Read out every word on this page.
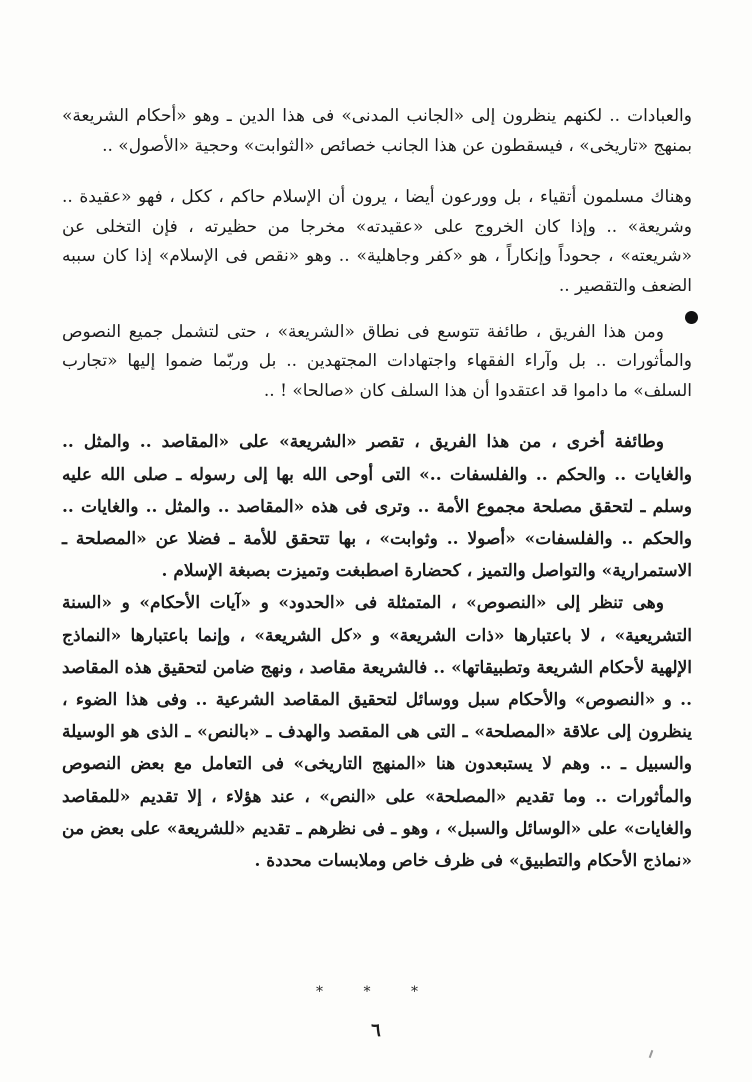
والعبادات .. لكنهم ينظرون إلى «الجانب المدنى» فى هذا الدين ـ وهو «أحكام الشريعة» بمنهج «تاريخى» ، فيسقطون عن هذا الجانب خصائص «الثوابت» وحجية «الأصول» ..

وهناك مسلمون أتقياء ، بل وورعون أيضا ، يرون أن الإسلام حاكم ، ككل ، فهو «عقيدة .. وشريعة» .. وإذا كان الخروج على «عقيدته» مخرجا من حظيرته ، فإن التخلى عن «شريعته» ، جحوداً وإنكاراً ، هو «كفر وجاهلية» .. وهو «نقص فى الإسلام» إذا كان سببه الضعف والتقصير ..

ومن هذا الفريق ، طائفة تتوسع فى نطاق «الشريعة» ، حتى لتشمل جميع النصوص والمأثورات .. بل وآراء الفقهاء واجتهادات المجتهدين .. بل وربّما ضموا إليها «تجارب السلف» ما داموا قد اعتقدوا أن هذا السلف كان «صالحا» ! ..

وطائفة أخرى ، من هذا الفريق ، تقصر «الشريعة» على «المقاصد .. والمثل .. والغايات .. والحكم .. والفلسفات ..» التى أوحى الله بها إلى رسوله ـ صلى الله عليه وسلم ـ لتحقق مصلحة مجموع الأمة .. وترى فى هذه «المقاصد .. والمثل .. والغايات .. والحكم .. والفلسفات» «أصولا .. وثوابت» ، بها تتحقق للأمة ـ فضلا عن «المصلحة ـ الاستمرارية» والتواصل والتميز ، كحضارة اصطبغت وتميزت بصبغة الإسلام .

وهى تنظر إلى «النصوص» ، المتمثلة فى «الحدود» و «آيات الأحكام» و «السنة التشريعية» ، لا باعتبارها «ذات الشريعة» و «كل الشريعة» ، وإنما باعتبارها «النماذج الإلهية لأحكام الشريعة وتطبيقاتها» .. فالشريعة مقاصد ، ونهج ضامن لتحقيق هذه المقاصد .. و «النصوص» والأحكام سبل ووسائل لتحقيق المقاصد الشرعية .. وفى هذا الضوء ، ينظرون إلى علاقة «المصلحة» ـ التى هى المقصد والهدف ـ «بالنص» ـ الذى هو الوسيلة والسبيل ـ .. وهم لا يستبعدون هنا «المنهج التاريخى» فى التعامل مع بعض النصوص والمأثورات .. وما تقديم «المصلحة» على «النص» ، عند هؤلاء ، إلا تقديم «للمقاصد والغايات» على «الوسائل والسبل» ، وهو ـ فى نظرهم ـ تقديم «للشريعة» على بعض من «نماذج الأحكام والتطبيق» فى ظرف خاص وملابسات محددة .

* * *
٦
